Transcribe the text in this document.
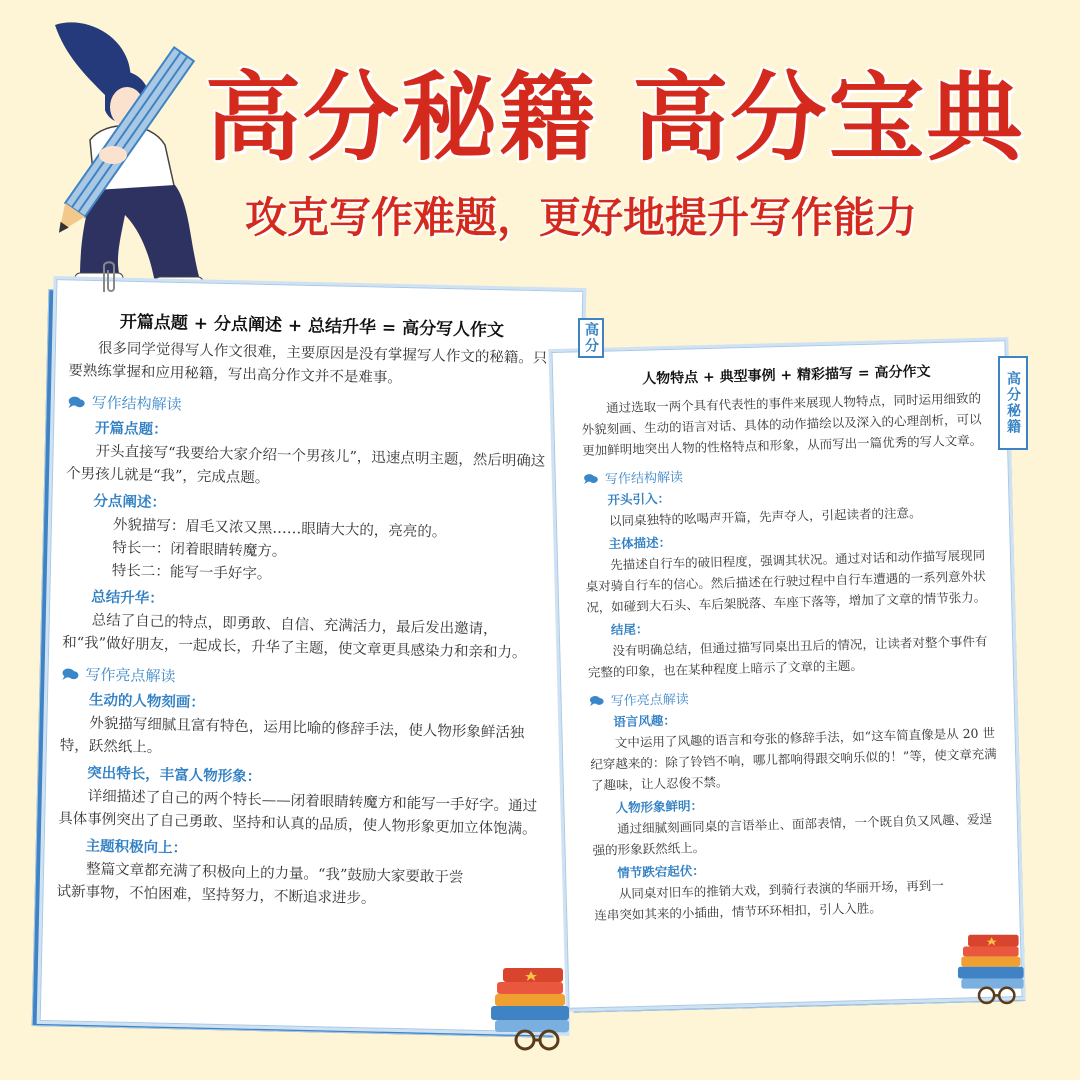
高分秘籍 高分宝典
攻克写作难题，更好地提升写作能力
高分
高分秘籍
开篇点题 + 分点阐述 + 总结升华 = 高分写人作文
很多同学觉得写人作文很难，主要原因是没有掌握写人作文的秘籍。只要熟练掌握和应用秘籍，写出高分作文并不是难事。
写作结构解读
开篇点题：
开头直接写“我要给大家介绍一个男孩儿”，迅速点明主题，然后明确这个男孩儿就是“我”，完成点题。
分点阐述：
外貌描写：眉毛又浓又黑……眼睛大大的，亮亮的。
特长一：闭着眼睛转魔方。
特长二：能写一手好字。
总结升华：
总结了自己的特点，即勇敢、自信、充满活力，最后发出邀请，和“我”做好朋友，一起成长，升华了主题，使文章更具感染力和亲和力。
写作亮点解读
生动的人物刻画：
外貌描写细腻且富有特色，运用比喻的修辞手法，使人物形象鲜活独特，跃然纸上。
突出特长，丰富人物形象：
详细描述了自己的两个特长——闭着眼睛转魔方和能写一手好字。通过具体事例突出了自己勇敢、坚持和认真的品质，使人物形象更加立体饱满。
主题积极向上：
整篇文章都充满了积极向上的力量。“我”鼓励大家要敢于尝试新事物，不怕困难，坚持努力，不断追求进步。
人物特点 + 典型事例 + 精彩描写 = 高分作文
通过选取一两个具有代表性的事件来展现人物特点，同时运用细致的外貌刻画、生动的语言对话、具体的动作描绘以及深入的心理剖析，可以更加鲜明地突出人物的性格特点和形象，从而写出一篇优秀的写人文章。
写作结构解读
开头引入：
以同桌独特的吆喝声开篇，先声夺人，引起读者的注意。
主体描述：
先描述自行车的破旧程度，强调其状况。通过对话和动作描写展现同桌对骑自行车的信心。然后描述在行驶过程中自行车遭遇的一系列意外状况，如碰到大石头、车后架脱落、车座下落等，增加了文章的情节张力。
结尾：
没有明确总结，但通过描写同桌出丑后的情况，让读者对整个事件有完整的印象，也在某种程度上暗示了文章的主题。
写作亮点解读
语言风趣：
文中运用了风趣的语言和夸张的修辞手法，如“这车简直像是从 20 世纪穿越来的：除了铃铛不响，哪儿都响得跟交响乐似的！”等，使文章充满了趣味，让人忍俊不禁。
人物形象鲜明：
通过细腻刻画同桌的言语举止、面部表情，一个既自负又风趣、爱逞强的形象跃然纸上。
情节跌宕起伏：
从同桌对旧车的推销大戏，到骑行表演的华丽开场，再到一连串突如其来的小插曲，情节环环相扣，引人入胜。
